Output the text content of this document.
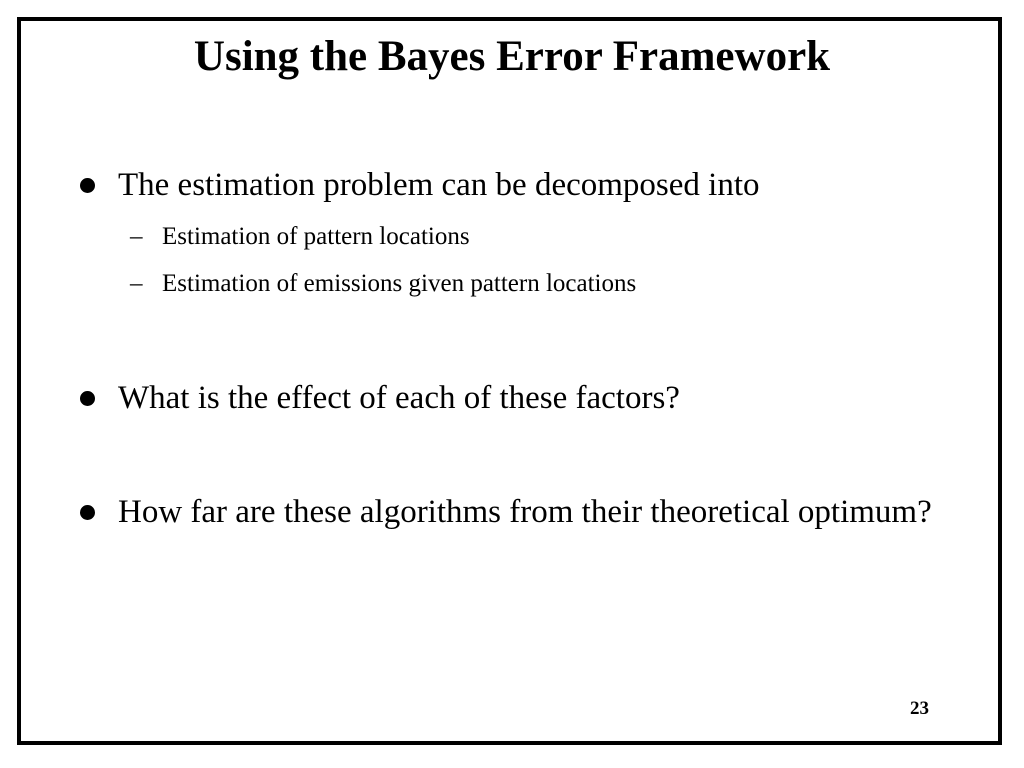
Using the Bayes Error Framework
The estimation problem can be decomposed into
– Estimation of pattern locations
– Estimation of emissions given pattern locations
What is the effect of each of these factors?
How far are these algorithms from their theoretical optimum?
23
